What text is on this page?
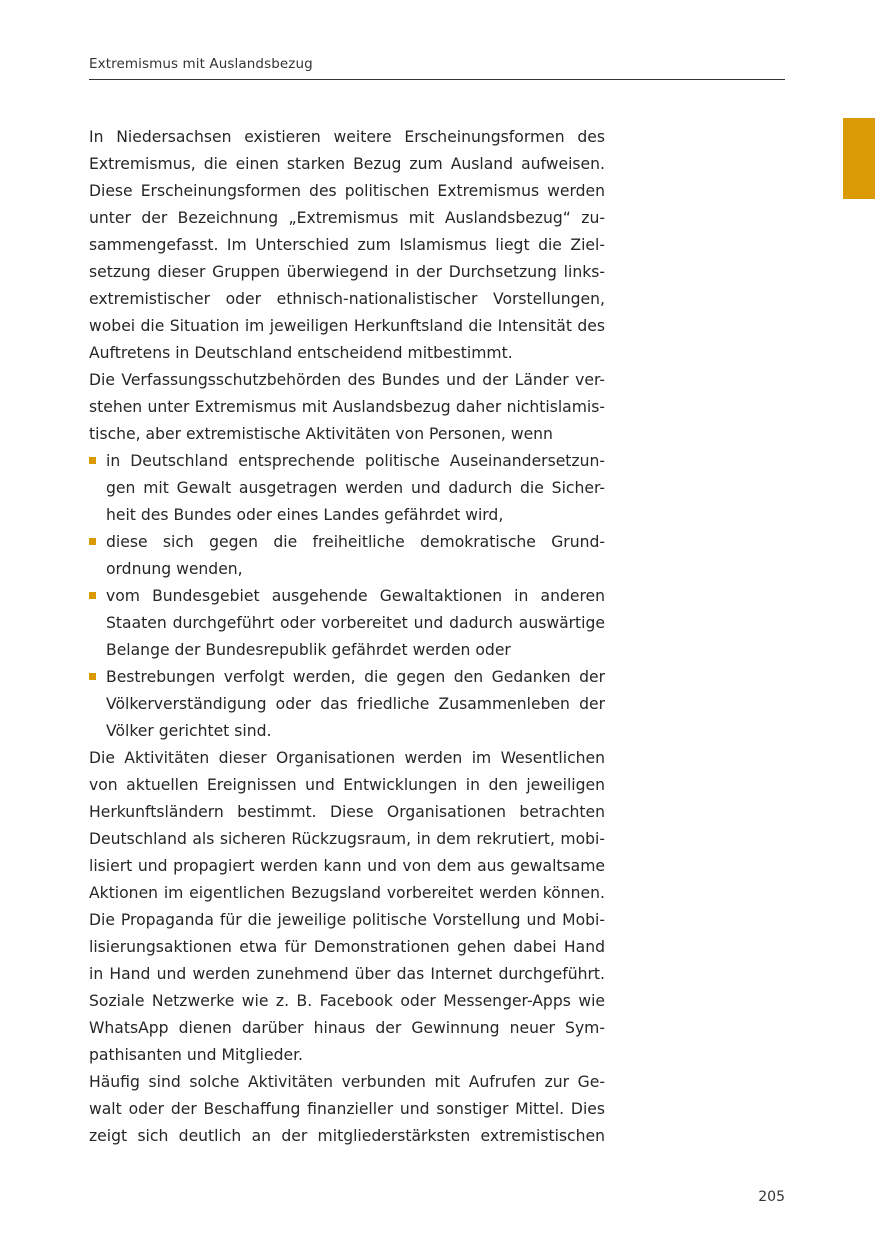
Extremismus mit Auslandsbezug
In Niedersachsen existieren weitere Erscheinungsformen des
Extremismus, die einen starken Bezug zum Ausland aufweisen.
Diese Erscheinungsformen des politischen Extremismus werden
unter der Bezeichnung „Extremismus mit Auslandsbezug“ zu-
sammengefasst. Im Unterschied zum Islamismus liegt die Ziel-
setzung dieser Gruppen überwiegend in der Durchsetzung links-
extremistischer oder ethnisch-nationalistischer Vorstellungen,
wobei die Situation im jeweiligen Herkunftsland die Intensität des
Auftretens in Deutschland entscheidend mitbestimmt.
Die Verfassungsschutzbehörden des Bundes und der Länder ver-
stehen unter Extremismus mit Auslandsbezug daher nichtislamis-
tische, aber extremistische Aktivitäten von Personen, wenn
in Deutschland entsprechende politische Auseinandersetzun-
gen mit Gewalt ausgetragen werden und dadurch die Sicher-
heit des Bundes oder eines Landes gefährdet wird,
diese sich gegen die freiheitliche demokratische Grund-
ordnung wenden,
vom Bundesgebiet ausgehende Gewaltaktionen in anderen
Staaten durchgeführt oder vorbereitet und dadurch auswärtige
Belange der Bundesrepublik gefährdet werden oder
Bestrebungen verfolgt werden, die gegen den Gedanken der
Völkerverständigung oder das friedliche Zusammenleben der
Völker gerichtet sind.
Die Aktivitäten dieser Organisationen werden im Wesentlichen
von aktuellen Ereignissen und Entwicklungen in den jeweiligen
Herkunftsländern bestimmt. Diese Organisationen betrachten
Deutschland als sicheren Rückzugsraum, in dem rekrutiert, mobi-
lisiert und propagiert werden kann und von dem aus gewaltsame
Aktionen im eigentlichen Bezugsland vorbereitet werden können.
Die Propaganda für die jeweilige politische Vorstellung und Mobi-
lisierungsaktionen etwa für Demonstrationen gehen dabei Hand
in Hand und werden zunehmend über das Internet durchgeführt.
Soziale Netzwerke wie z. B. Facebook oder Messenger-Apps wie
WhatsApp dienen darüber hinaus der Gewinnung neuer Sym-
pathisanten und Mitglieder.
Häufig sind solche Aktivitäten verbunden mit Aufrufen zur Ge-
walt oder der Beschaffung finanzieller und sonstiger Mittel. Dies
zeigt sich deutlich an der mitgliederstärksten extremistischen
205
